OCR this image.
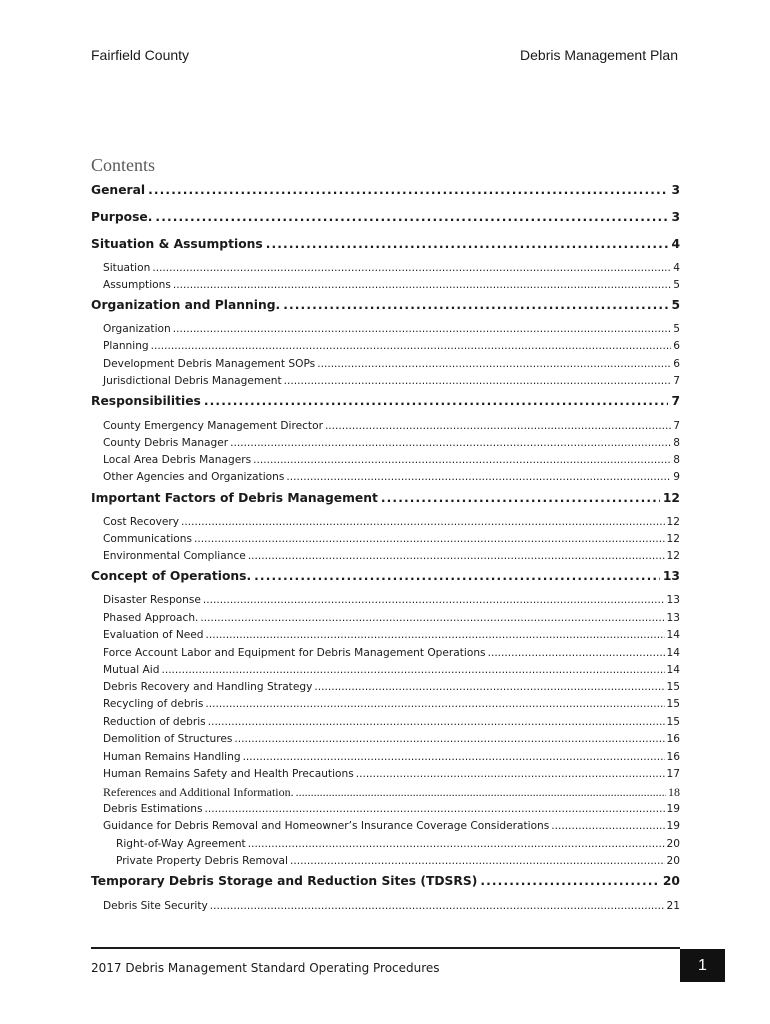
Fairfield County	Debris Management Plan
Contents
General .....	3
Purpose. .....	3
Situation & Assumptions .....	4
Situation .....	4
Assumptions .....	5
Organization and Planning. .....	5
Organization .....	5
Planning .....	6
Development Debris Management SOPs .....	6
Jurisdictional Debris Management .....	7
Responsibilities .....	7
County Emergency Management Director .....	7
County Debris Manager .....	8
Local Area Debris Managers .....	8
Other Agencies and Organizations .....	9
Important Factors of Debris Management .....	12
Cost Recovery .....	12
Communications .....	12
Environmental Compliance .....	12
Concept of Operations. .....	13
Disaster Response .....	13
Phased Approach. .....	13
Evaluation of Need .....	14
Force Account Labor and Equipment for Debris Management Operations .....	14
Mutual Aid .....	14
Debris Recovery and Handling Strategy .....	15
Recycling of debris .....	15
Reduction of debris .....	15
Demolition of Structures .....	16
Human Remains Handling .....	16
Human Remains Safety and Health Precautions .....	17
References and Additional Information. .....	18
Debris Estimations .....	19
Guidance for Debris Removal and Homeowner’s Insurance Coverage Considerations .....	19
Right-of-Way Agreement .....	20
Private Property Debris Removal .....	20
Temporary Debris Storage and Reduction Sites (TDSRS) .....	20
Debris Site Security .....	21
2017 Debris Management Standard Operating Procedures	1
